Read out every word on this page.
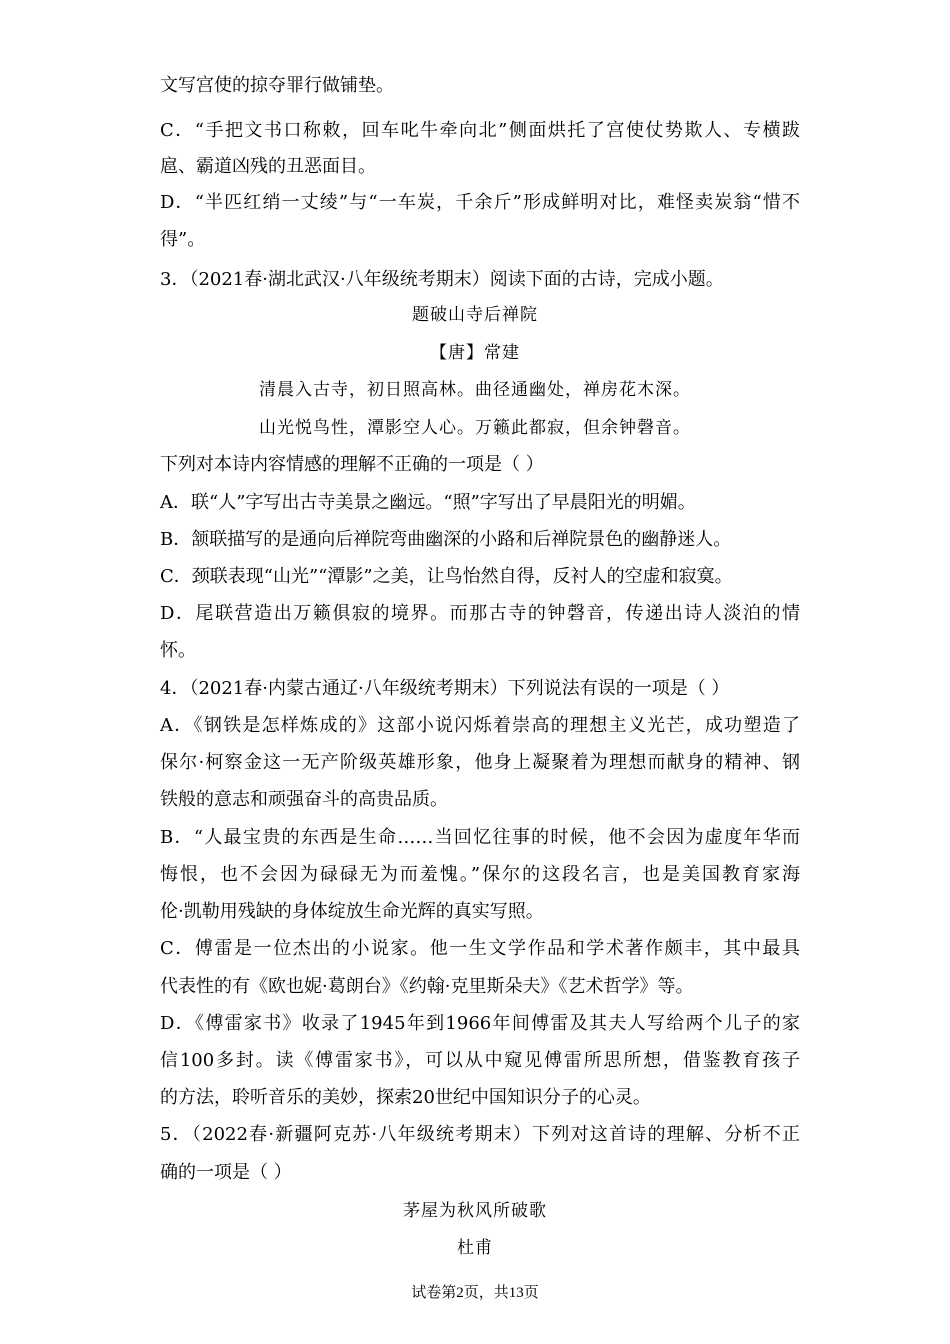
文写宫使的掠夺罪行做铺垫。
C．“手把文书口称敕，回车叱牛牵向北”侧面烘托了宫使仗势欺人、专横跋
扈、霸道凶残的丑恶面目。
D．“半匹红绡一丈绫”与“一车炭，千余斤”形成鲜明对比，难怪卖炭翁“惜不
得”。
3．（2021春·湖北武汉·八年级统考期末）阅读下面的古诗，完成小题。
题破山寺后禅院
【唐】常建
清晨入古寺，初日照高林。曲径通幽处，禅房花木深。
山光悦鸟性，潭影空人心。万籁此都寂，但余钟磬音。
下列对本诗内容情感的理解不正确的一项是（ ）
A．联“人”字写出古寺美景之幽远。“照”字写出了早晨阳光的明媚。
B．颔联描写的是通向后禅院弯曲幽深的小路和后禅院景色的幽静迷人。
C．颈联表现“山光”“潭影”之美，让鸟怡然自得，反衬人的空虚和寂寞。
D．尾联营造出万籁俱寂的境界。而那古寺的钟磬音，传递出诗人淡泊的情
怀。
4．（2021春·内蒙古通辽·八年级统考期末）下列说法有误的一项是（ ）
A．《钢铁是怎样炼成的》这部小说闪烁着崇高的理想主义光芒，成功塑造了
保尔·柯察金这一无产阶级英雄形象，他身上凝聚着为理想而献身的精神、钢
铁般的意志和顽强奋斗的高贵品质。
B．“人最宝贵的东西是生命……当回忆往事的时候，他不会因为虚度年华而
悔恨，也不会因为碌碌无为而羞愧。”保尔的这段名言，也是美国教育家海
伦·凯勒用残缺的身体绽放生命光辉的真实写照。
C．傅雷是一位杰出的小说家。他一生文学作品和学术著作颇丰，其中最具
代表性的有《欧也妮·葛朗台》《约翰·克里斯朵夫》《艺术哲学》等。
D．《傅雷家书》收录了1945年到1966年间傅雷及其夫人写给两个儿子的家
信100多封。读《傅雷家书》，可以从中窥见傅雷所思所想，借鉴教育孩子
的方法，聆听音乐的美妙，探索20世纪中国知识分子的心灵。
5．（2022春·新疆阿克苏·八年级统考期末）下列对这首诗的理解、分析不正
确的一项是（ ）
茅屋为秋风所破歌
杜甫
试卷第2页，共13页
